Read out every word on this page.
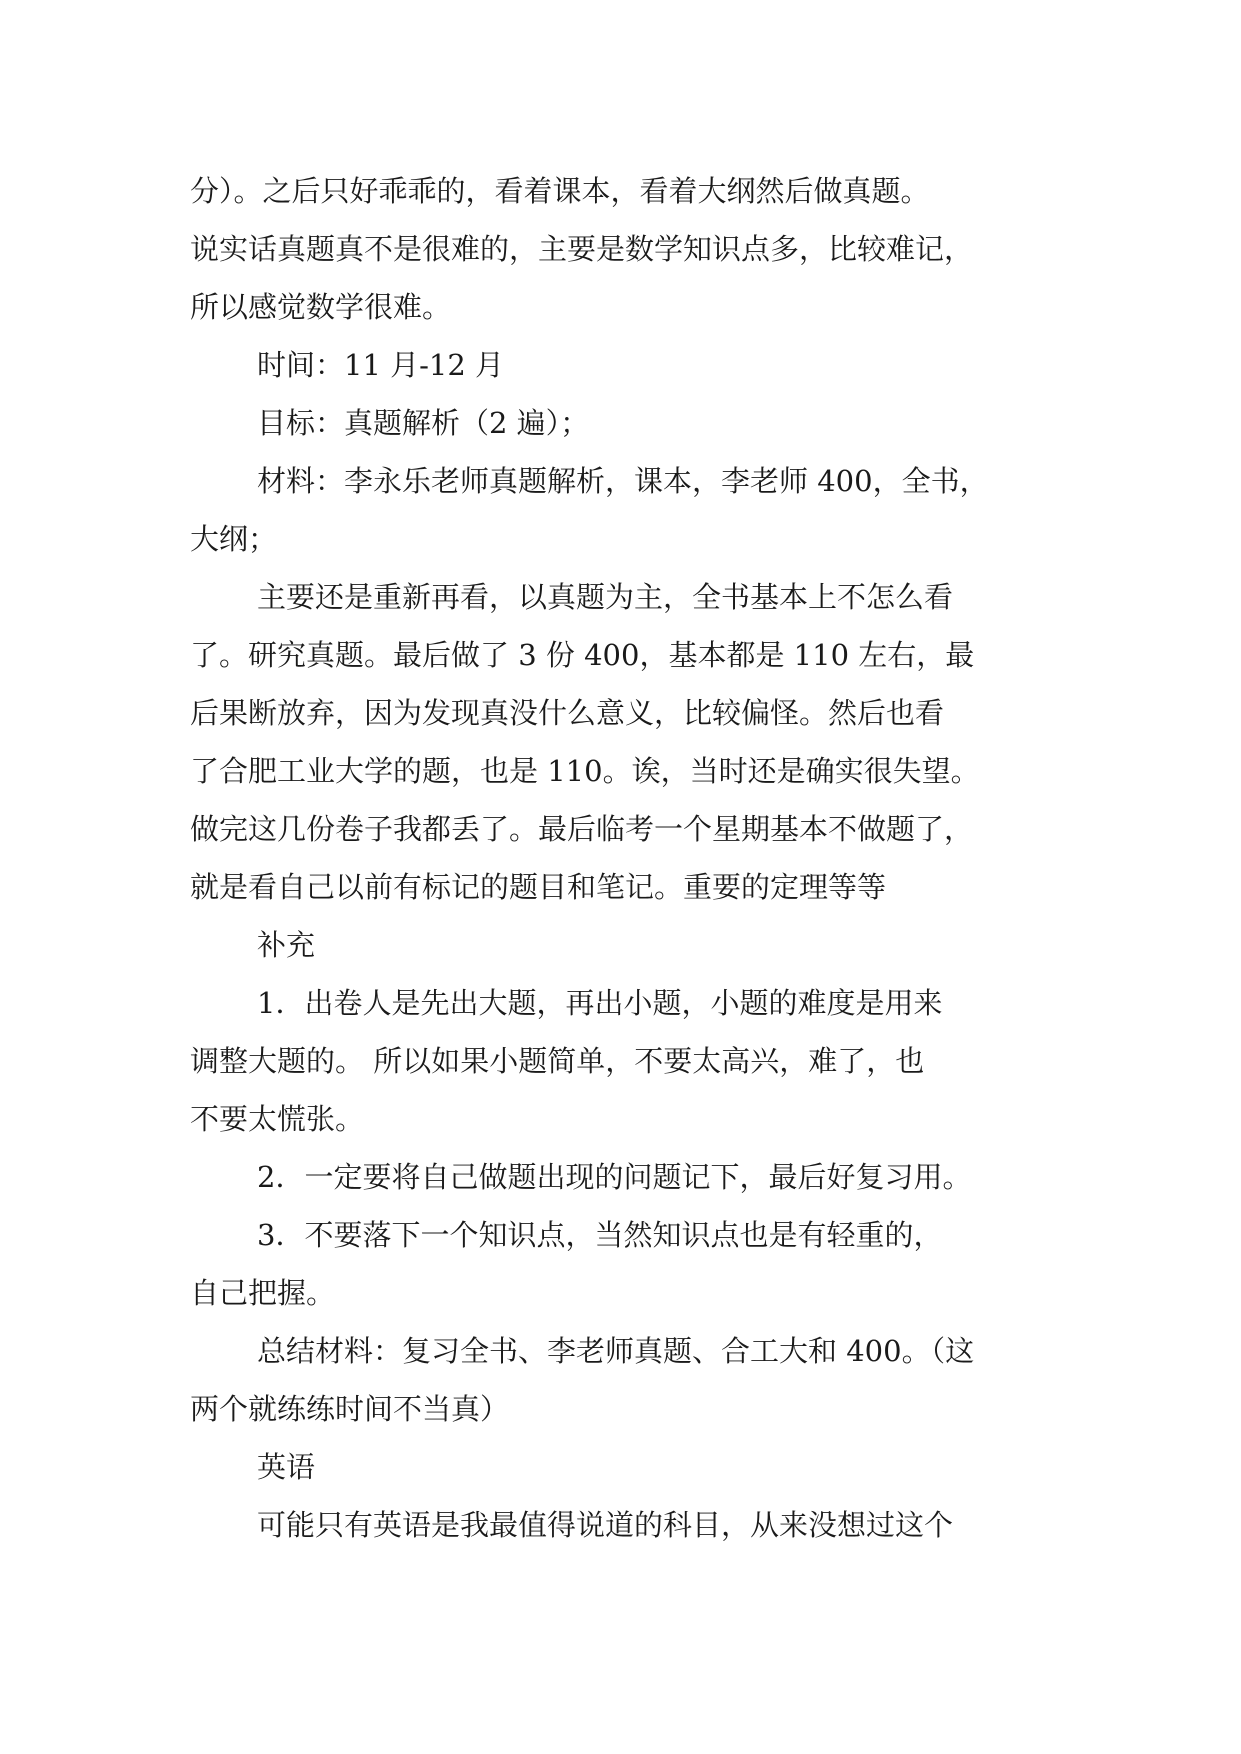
分）。之后只好乖乖的，看着课本，看着大纲然后做真题。
说实话真题真不是很难的，主要是数学知识点多，比较难记，
所以感觉数学很难。
时间：11 月-12 月
目标：真题解析（2 遍）；
材料：李永乐老师真题解析，课本，李老师 400，全书，
大纲；
主要还是重新再看，以真题为主，全书基本上不怎么看
了。研究真题。最后做了 3 份 400，基本都是 110 左右，最
后果断放弃，因为发现真没什么意义，比较偏怪。然后也看
了合肥工业大学的题，也是 110。诶，当时还是确实很失望。
做完这几份卷子我都丢了。最后临考一个星期基本不做题了，
就是看自己以前有标记的题目和笔记。重要的定理等等
补充
1．出卷人是先出大题，再出小题，小题的难度是用来
调整大题的。 所以如果小题简单，不要太高兴，难了，也
不要太慌张。
2．一定要将自己做题出现的问题记下，最后好复习用。
3．不要落下一个知识点，当然知识点也是有轻重的，
自己把握。
总结材料：复习全书、李老师真题、合工大和 400。（这
两个就练练时间不当真）
英语
可能只有英语是我最值得说道的科目，从来没想过这个
